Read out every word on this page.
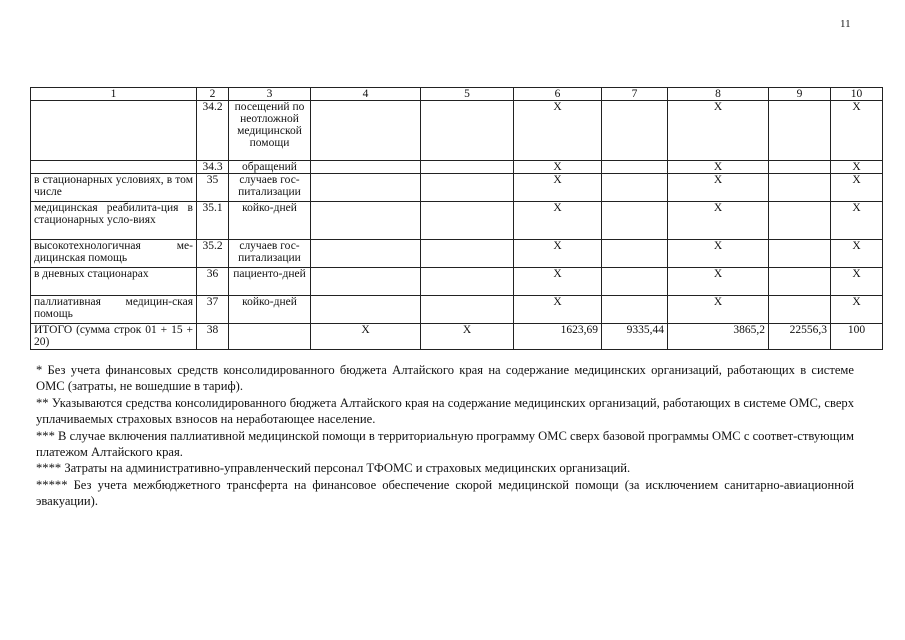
11
1	2	3	4	5	6	7	8	9	10
	34.2	посещений по неотложной медицинской помощи			X		X		X
	34.3	обращений			X		X		X
в стационарных условиях, в том числе	35	случаев гос-питализации			X		X		X
медицинская реабилита-ция в стационарных усло-виях	35.1	койко-дней			X		X		X
высокотехнологичная ме-дицинская помощь	35.2	случаев гос-питализации			X		X		X
в дневных стационарах	36	пациенто-дней			X		X		X
паллиативная медицин-ская помощь	37	койко-дней			X		X		X
ИТОГО (сумма строк 01 + 15 + 20)	38		X	X	1623,69	9335,44	3865,2	22556,3	100

* Без учета финансовых средств консолидированного бюджета Алтайского края на содержание медицинских организаций, работающих в системе ОМС (затраты, не вошедшие в тариф).

** Указываются средства консолидированного бюджета Алтайского края на содержание медицинских организаций, работающих в системе ОМС, сверх уплачиваемых страховых взносов на неработающее население.

*** В случае включения паллиативной медицинской помощи в территориальную программу ОМС сверх базовой программы ОМС с соответ-ствующим платежом Алтайского края.

**** Затраты на административно-управленческий персонал ТФОМС и страховых медицинских организаций.

***** Без учета межбюджетного трансферта на финансовое обеспечение скорой медицинской помощи (за исключением санитарно-авиационной эвакуации).
